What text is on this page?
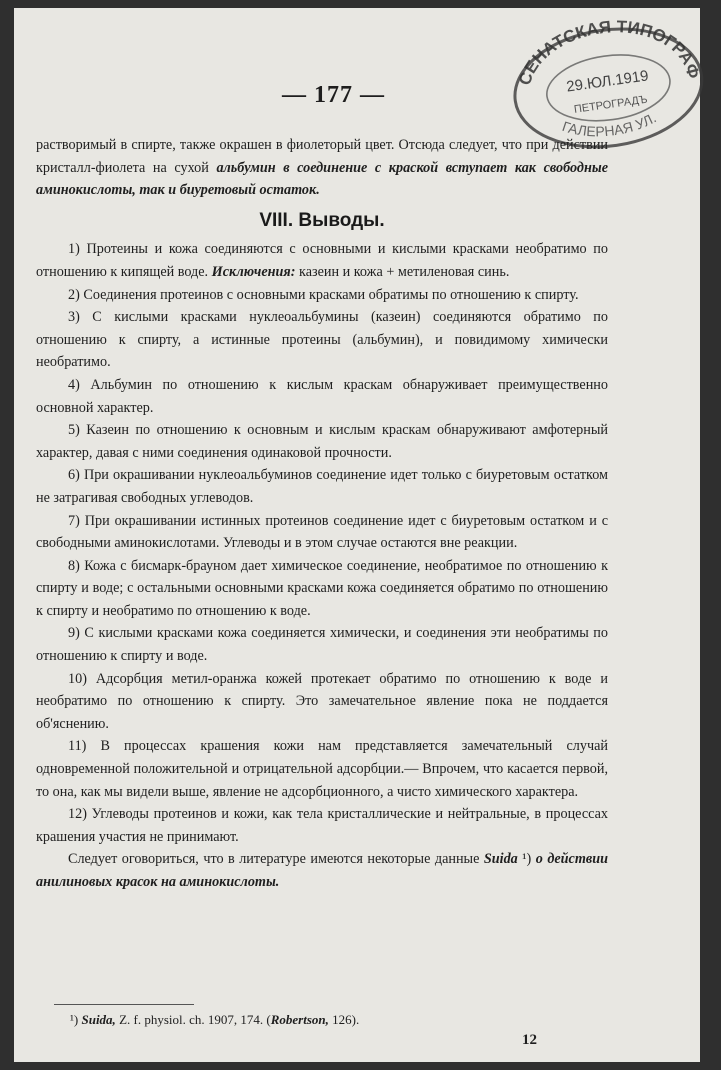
СЕНАТСКАЯ ТИПОГРАФИЯ
29.ЮЛ.1919
ПЕТРОГРАДЪ
ГАЛЕРНАЯ УЛ.
— 177 —

растворимый в спирте, также окрашен в фиолеторый цвет. Отсюда следует, что при действии кристалл-фиолета на сухой альбумин в соединение с краской вступает как свободные аминокислоты, так и биуретовый остаток.

VIII. Выводы.

1) Протеины и кожа соединяются с основными и кислыми красками необратимо по отношению к кипящей воде. Исключения: казеин и кожа + метиленовая синь.

2) Соединения протеинов с основными красками обратимы по отношению к спирту.

3) С кислыми красками нуклеоальбумины (казеин) соединяются обратимо по отношению к спирту, а истинные протеины (альбумин), и повидимому химически необратимо.

4) Альбумин по отношению к кислым краскам обнаруживает преимущественно основной характер.

5) Казеин по отношению к основным и кислым краскам обнаруживают амфотерный характер, давая с ними соединения одинаковой прочности.

6) При окрашивании нуклеоальбуминов соединение идет только с биуретовым остатком не затрагивая свободных углеводов.

7) При окрашивании истинных протеинов соединение идет с биуретовым остатком и с свободными аминокислотами. Углеводы и в этом случае остаются вне реакции.

8) Кожа с бисмарк-брауном дает химическое соединение, необратимое по отношению к спирту и воде; с остальными основными красками кожа соединяется обратимо по отношению к спирту и необратимо по отношению к воде.

9) С кислыми красками кожа соединяется химически, и соединения эти необратимы по отношению к спирту и воде.

10) Адсорбция метил-оранжа кожей протекает обратимо по отношению к воде и необратимо по отношению к спирту. Это замечательное явление пока не поддается об'яснению.

11) В процессах крашения кожи нам представляется замечательный случай одновременной положительной и отрицательной адсорбции.— Впрочем, что касается первой, то она, как мы видели выше, явление не адсорбционного, а чисто химического характера.

12) Углеводы протеинов и кожи, как тела кристаллические и нейтральные, в процессах крашения участия не принимают.

Следует оговориться, что в литературе имеются некоторые данные Suida ¹) о действии анилиновых красок на аминокислоты.

¹) Suida, Z. f. physiol. ch. 1907, 174. (Robertson, 126).
12
